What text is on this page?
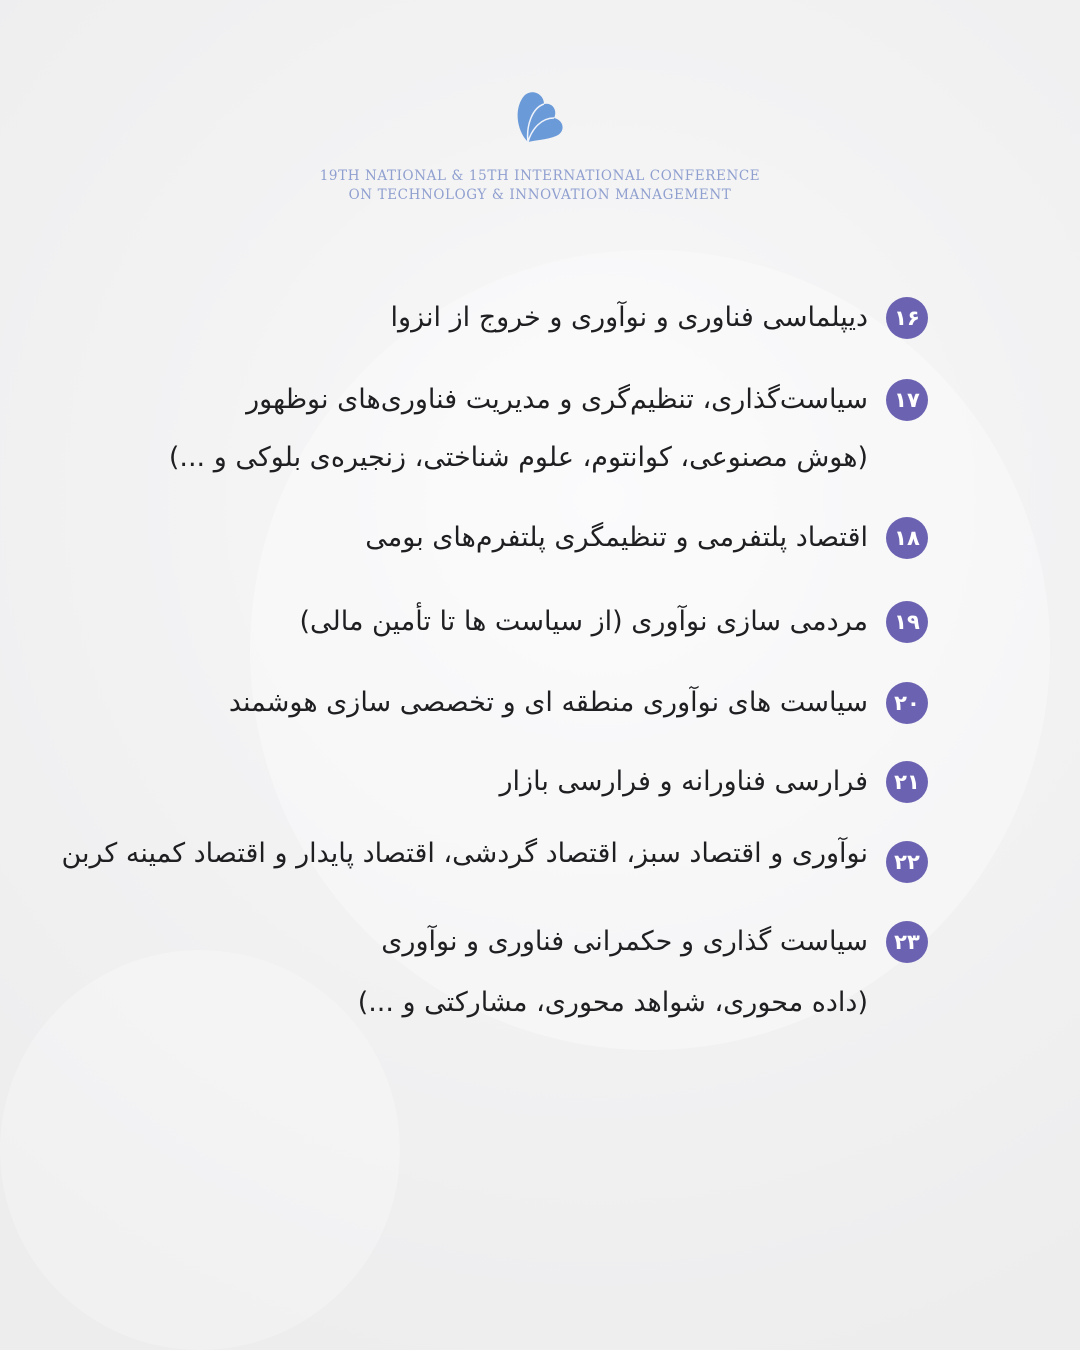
19TH NATIONAL & 15TH INTERNATIONAL CONFERENCE
ON TECHNOLOGY & INNOVATION MANAGEMENT
۱۶
دیپلماسی فناوری و نوآوری و خروج از انزوا
۱۷
سیاست‌گذاری، تنظیم‌گری و مدیریت فناوری‌های نوظهور
(هوش مصنوعی، کوانتوم، علوم شناختی، زنجیره‌ی بلوکی و ...)
۱۸
اقتصاد پلتفرمی و تنظیمگری پلتفرم‌های بومی
۱۹
مردمی سازی نوآوری (از سیاست ها تا تأمین مالی)
۲۰
سیاست های نوآوری منطقه ای و تخصصی سازی هوشمند
۲۱
فرارسی فناورانه و فرارسی بازار
۲۲
نوآوری و اقتصاد سبز، اقتصاد گردشی، اقتصاد پایدار و اقتصاد کمینه کربن
۲۳
سیاست گذاری و حکمرانی فناوری و نوآوری
(داده محوری، شواهد محوری، مشارکتی و ...)
